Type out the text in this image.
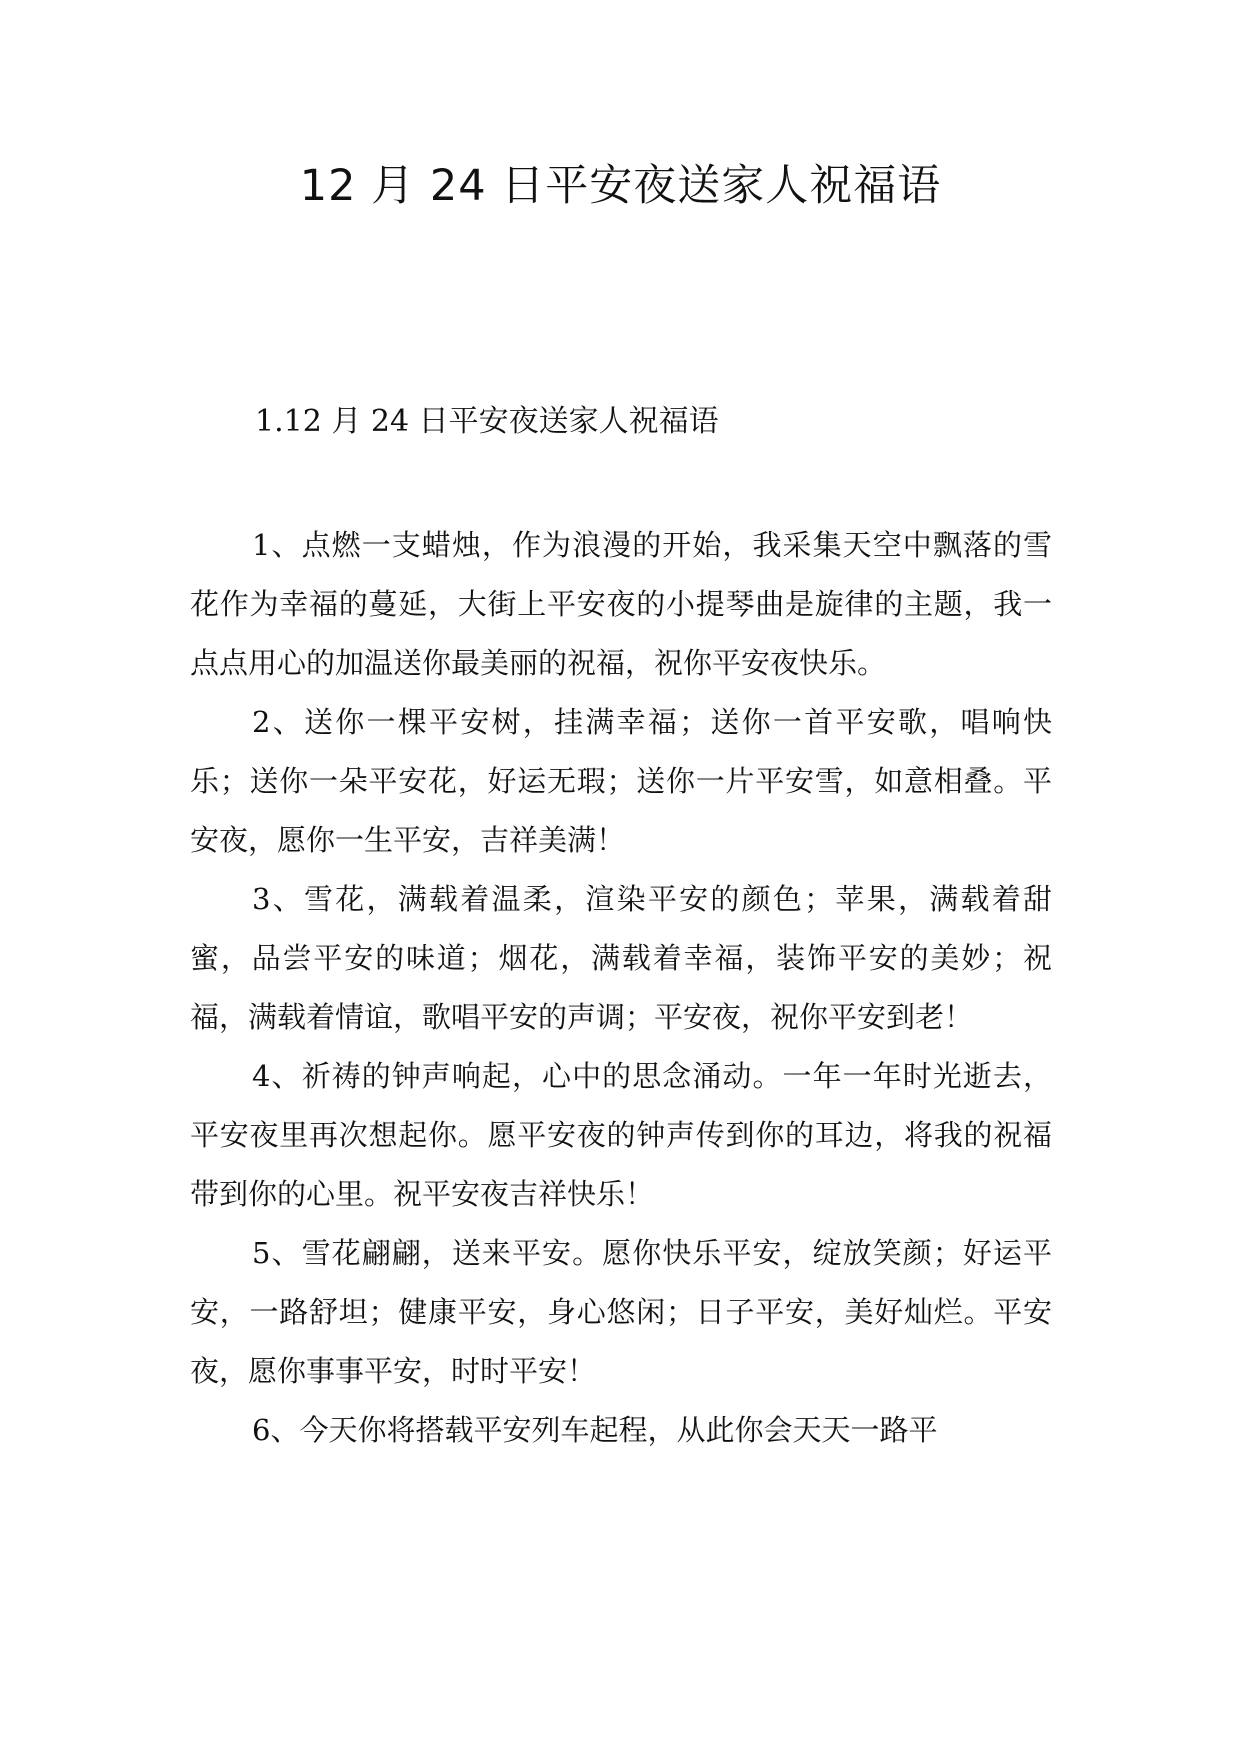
12 月 24 日平安夜送家人祝福语
1.12 月 24 日平安夜送家人祝福语

1、点燃一支蜡烛，作为浪漫的开始，我采集天空中飘落的雪花作为幸福的蔓延，大街上平安夜的小提琴曲是旋律的主题，我一点点用心的加温送你最美丽的祝福，祝你平安夜快乐。

2、送你一棵平安树，挂满幸福；送你一首平安歌，唱响快乐；送你一朵平安花，好运无瑕；送你一片平安雪，如意相叠。平安夜，愿你一生平安，吉祥美满！

3、雪花，满载着温柔，渲染平安的颜色；苹果，满载着甜蜜，品尝平安的味道；烟花，满载着幸福，装饰平安的美妙；祝福，满载着情谊，歌唱平安的声调；平安夜，祝你平安到老！

4、祈祷的钟声响起，心中的思念涌动。一年一年时光逝去，平安夜里再次想起你。愿平安夜的钟声传到你的耳边，将我的祝福带到你的心里。祝平安夜吉祥快乐！

5、雪花翩翩，送来平安。愿你快乐平安，绽放笑颜；好运平安，一路舒坦；健康平安，身心悠闲；日子平安，美好灿烂。平安夜，愿你事事平安，时时平安！

6、今天你将搭载平安列车起程，从此你会天天一路平
